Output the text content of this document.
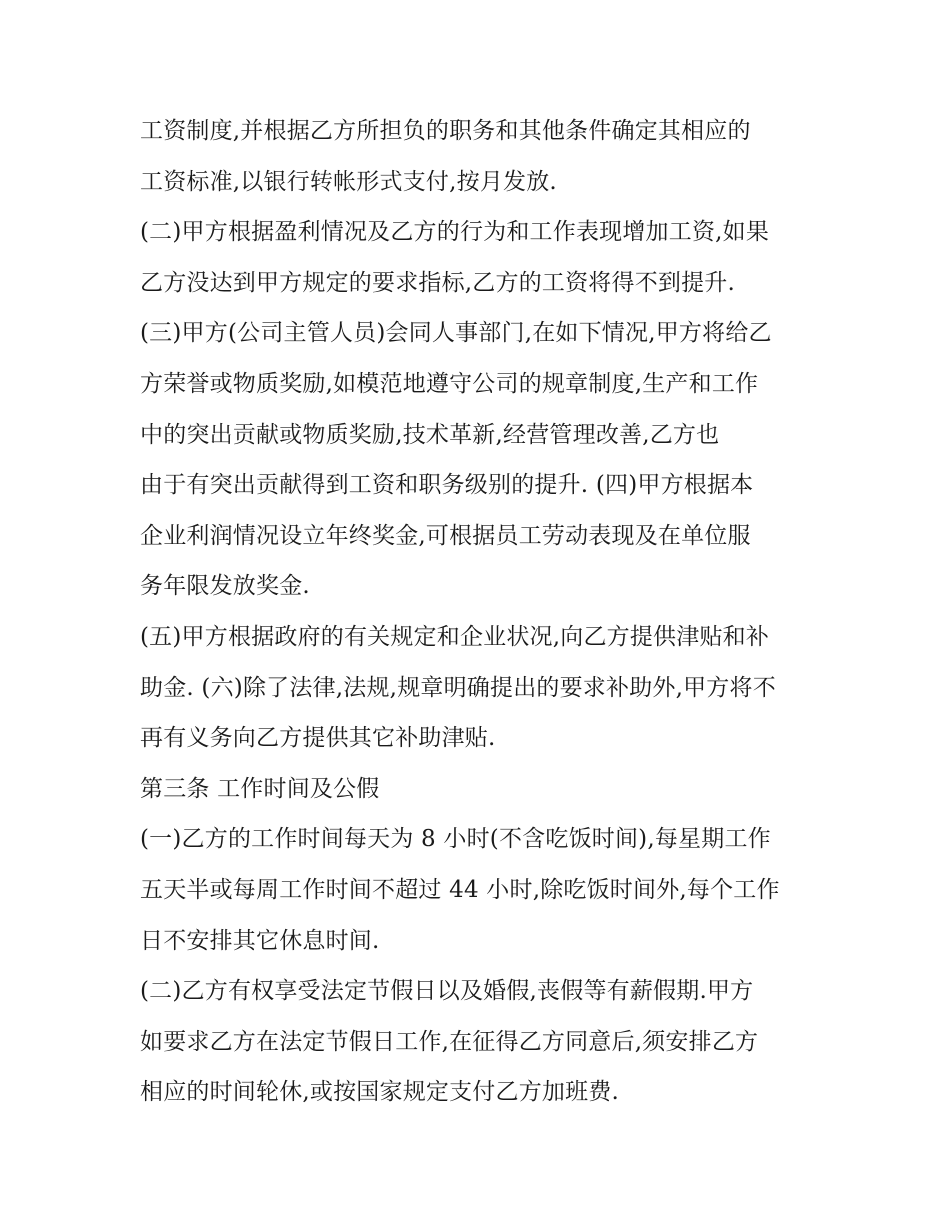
工资制度,并根据乙方所担负的职务和其他条件确定其相应的
工资标准,以银行转帐形式支付,按月发放.
(二)甲方根据盈利情况及乙方的行为和工作表现增加工资,如果
乙方没达到甲方规定的要求指标,乙方的工资将得不到提升.
(三)甲方(公司主管人员)会同人事部门,在如下情况,甲方将给乙
方荣誉或物质奖励,如模范地遵守公司的规章制度,生产和工作
中的突出贡献或物质奖励,技术革新,经营管理改善,乙方也
由于有突出贡献得到工资和职务级别的提升. (四)甲方根据本
企业利润情况设立年终奖金,可根据员工劳动表现及在单位服
务年限发放奖金.
(五)甲方根据政府的有关规定和企业状况,向乙方提供津贴和补
助金. (六)除了法律,法规,规章明确提出的要求补助外,甲方将不
再有义务向乙方提供其它补助津贴.
第三条 工作时间及公假
(一)乙方的工作时间每天为 8 小时(不含吃饭时间),每星期工作
五天半或每周工作时间不超过 44 小时,除吃饭时间外,每个工作
日不安排其它休息时间.
(二)乙方有权享受法定节假日以及婚假,丧假等有薪假期.甲方
如要求乙方在法定节假日工作,在征得乙方同意后,须安排乙方
相应的时间轮休,或按国家规定支付乙方加班费.
